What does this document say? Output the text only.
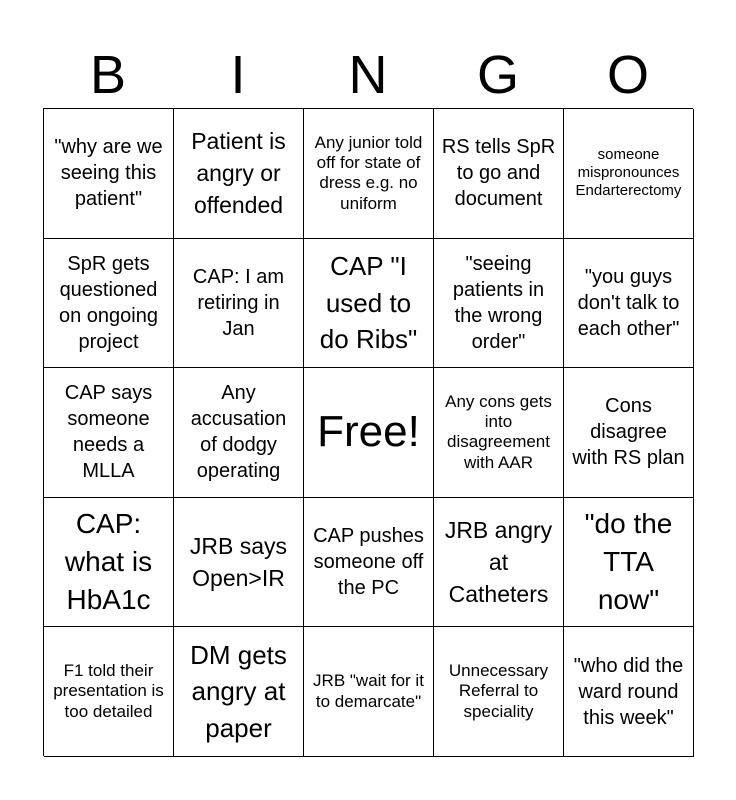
B	I	N	G	O
"why are we seeing this patient"
Patient is angry or offended
Any junior told off for state of dress e.g. no uniform
RS tells SpR to go and document
someone mispronounces Endarterectomy
SpR gets questioned on ongoing project
CAP: I am retiring in Jan
CAP "I used to do Ribs"
"seeing patients in the wrong order"
"you guys don't talk to each other"
CAP says someone needs a MLLA
Any accusation of dodgy operating
Free!
Any cons gets into disagreement with AAR
Cons disagree with RS plan
CAP: what is HbA1c
JRB says Open>IR
CAP pushes someone off the PC
JRB angry at Catheters
"do the TTA now"
F1 told their presentation is too detailed
DM gets angry at paper
JRB "wait for it to demarcate"
Unnecessary Referral to speciality
"who did the ward round this week"
